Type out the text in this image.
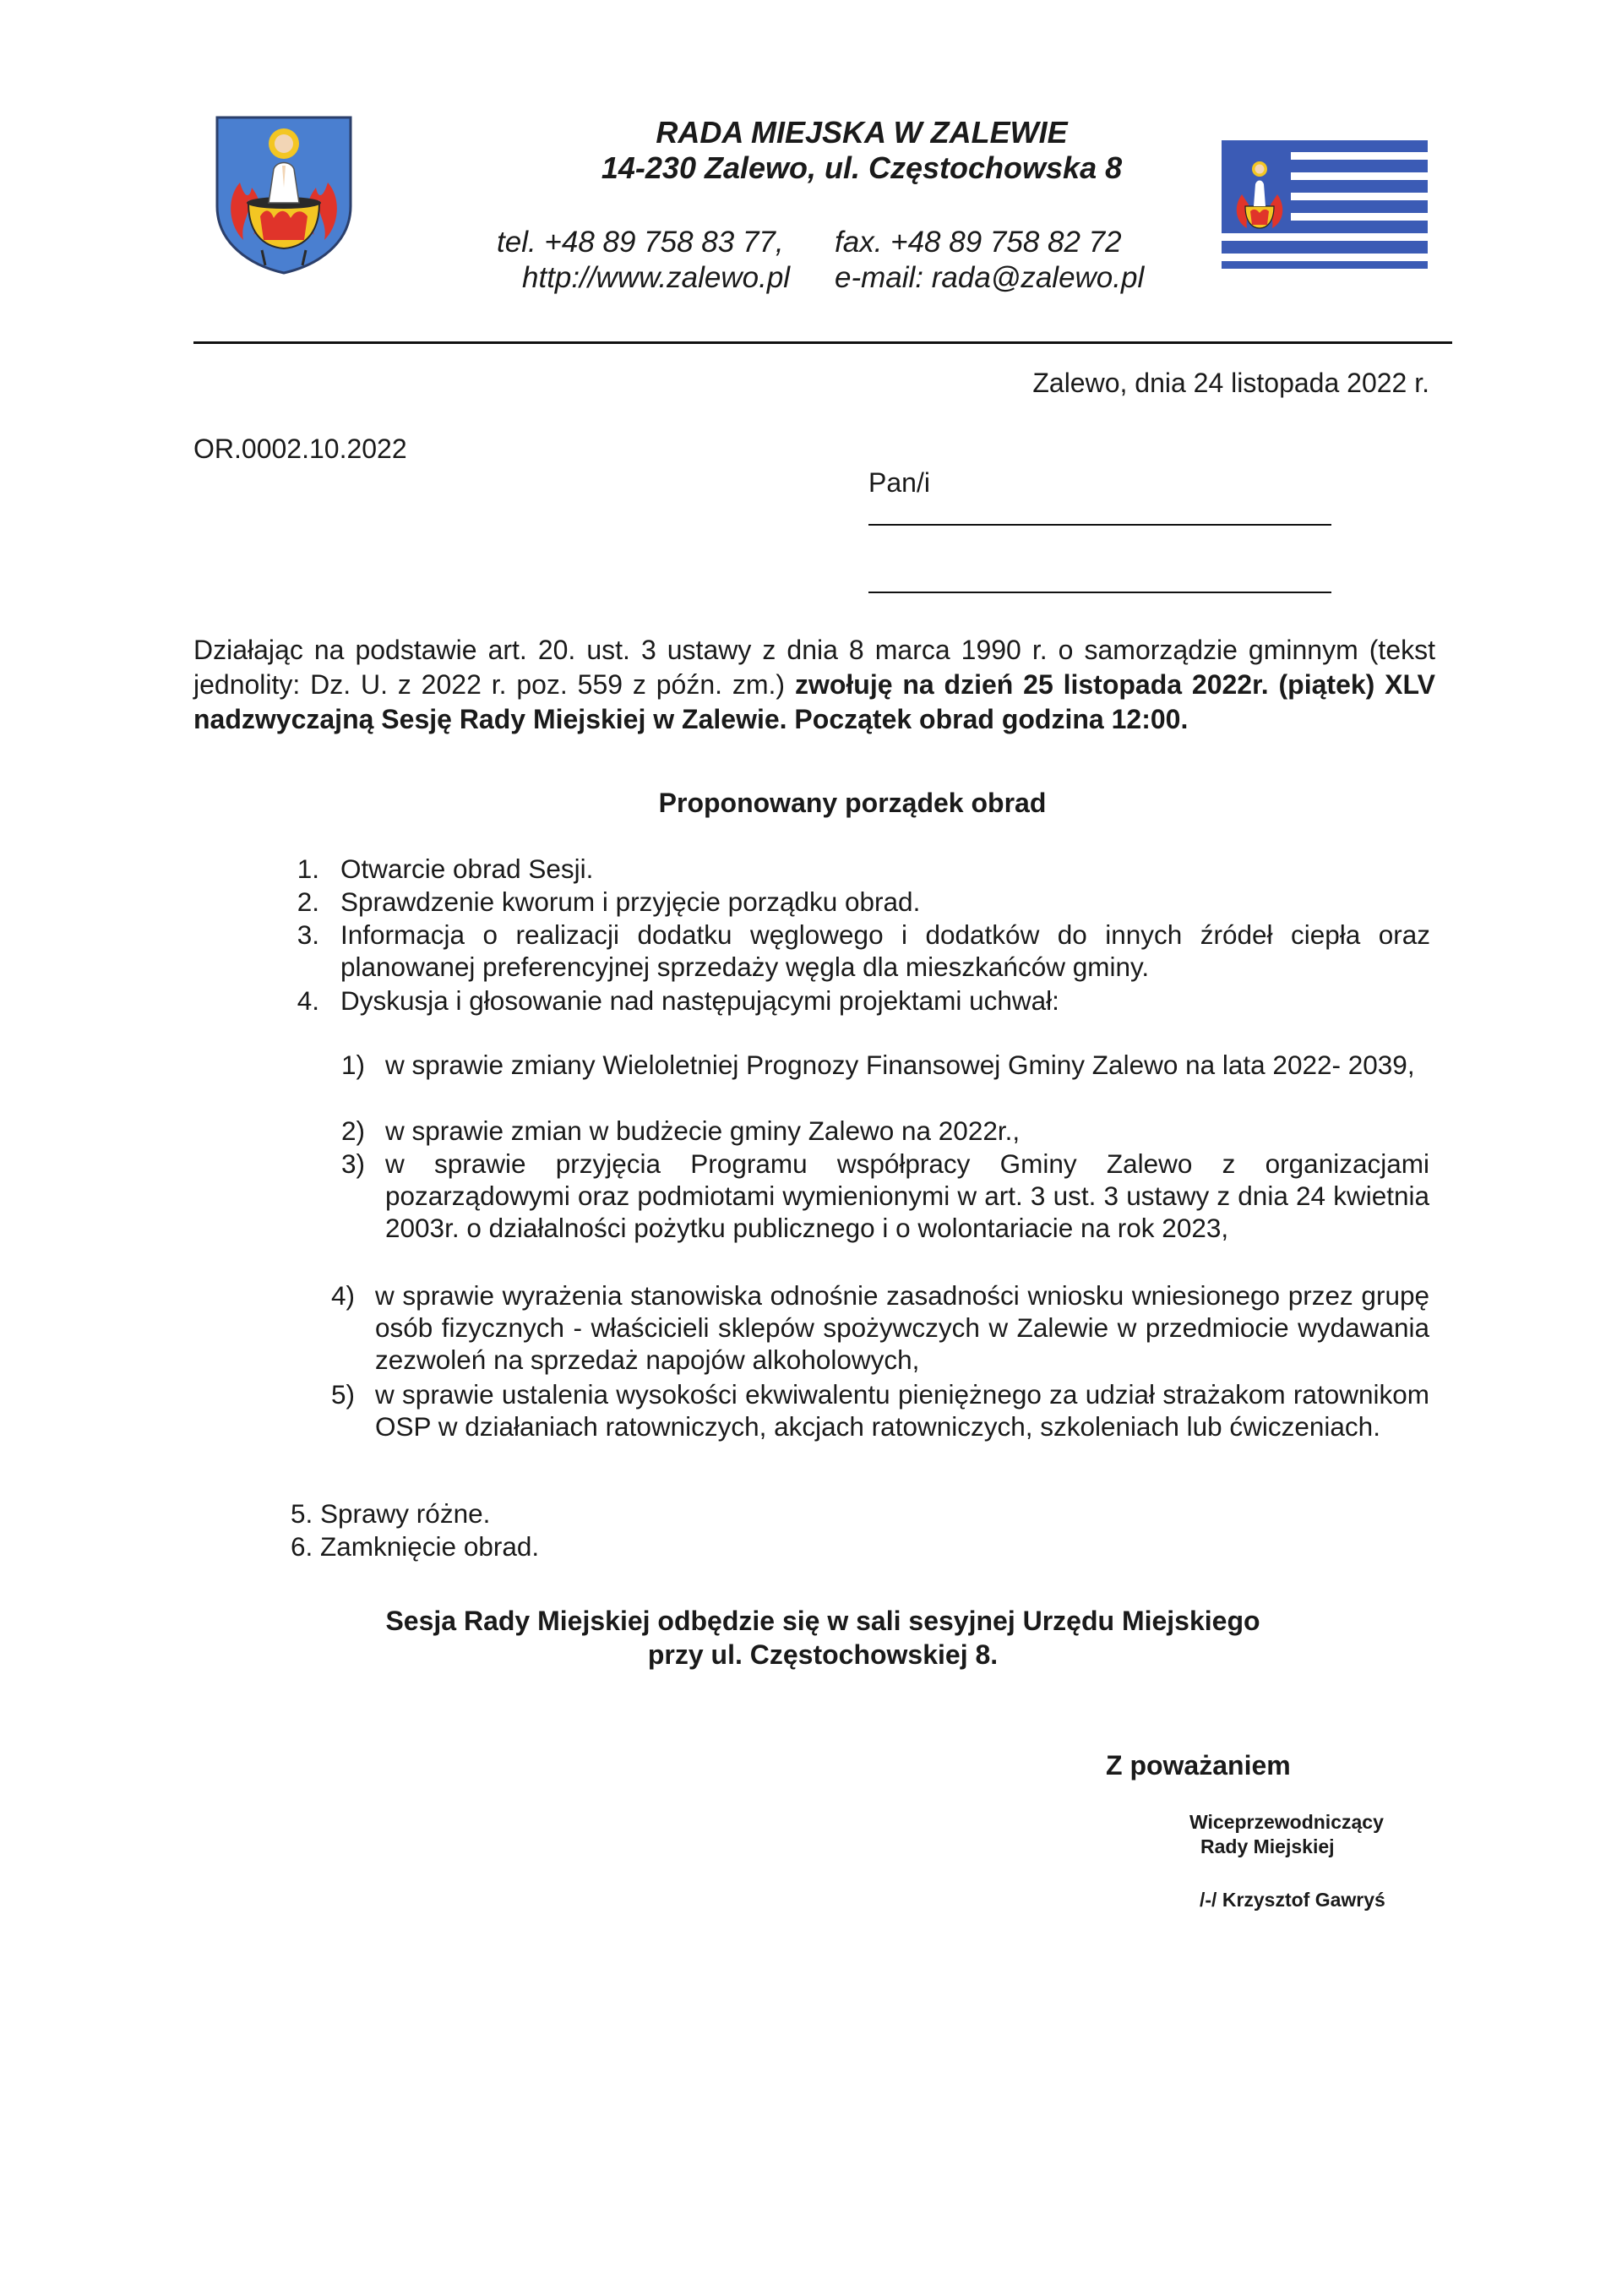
RADA MIEJSKA W ZALEWIE
14-230 Zalewo, ul. Częstochowska 8
tel. +48 89 758 83 77, fax. +48 89 758 82 72
http://www.zalewo.pl e-mail: rada@zalewo.pl
Zalewo, dnia 24 listopada 2022 r.
OR.0002.10.2022
Pan/i
Działając na podstawie art. 20. ust. 3 ustawy z dnia 8 marca 1990 r. o samorządzie gminnym (tekst jednolity: Dz. U. z 2022 r. poz. 559 z późn. zm.) zwołuję na dzień 25 listopada 2022r. (piątek) XLV nadzwyczajną Sesję Rady Miejskiej w Zalewie. Początek obrad godzina 12:00.
Proponowany porządek obrad
1. Otwarcie obrad Sesji.
2. Sprawdzenie kworum i przyjęcie porządku obrad.
3. Informacja o realizacji dodatku węglowego i dodatków do innych źródeł ciepła oraz planowanej preferencyjnej sprzedaży węgla dla mieszkańców gminy.
4. Dyskusja i głosowanie nad następującymi projektami uchwał:
1) w sprawie zmiany Wieloletniej Prognozy Finansowej Gminy Zalewo na lata 2022- 2039,
2) w sprawie zmian w budżecie gminy Zalewo na 2022r.,
3) w sprawie przyjęcia Programu współpracy Gminy Zalewo z organizacjami pozarządowymi oraz podmiotami wymienionymi w art. 3 ust. 3 ustawy z dnia 24 kwietnia 2003r. o działalności pożytku publicznego i o wolontariacie na rok 2023,
4) w sprawie wyrażenia stanowiska odnośnie zasadności wniosku wniesionego przez grupę osób fizycznych - właścicieli sklepów spożywczych w Zalewie w przedmiocie wydawania zezwoleń na sprzedaż napojów alkoholowych,
5) w sprawie ustalenia wysokości ekwiwalentu pieniężnego za udział strażakom ratownikom OSP w działaniach ratowniczych, akcjach ratowniczych, szkoleniach lub ćwiczeniach.
5. Sprawy różne.
6. Zamknięcie obrad.
Sesja Rady Miejskiej odbędzie się w sali sesyjnej Urzędu Miejskiego
przy ul. Częstochowskiej 8.
Z poważaniem
Wiceprzewodniczący
Rady Miejskiej
/-/ Krzysztof Gawryś
